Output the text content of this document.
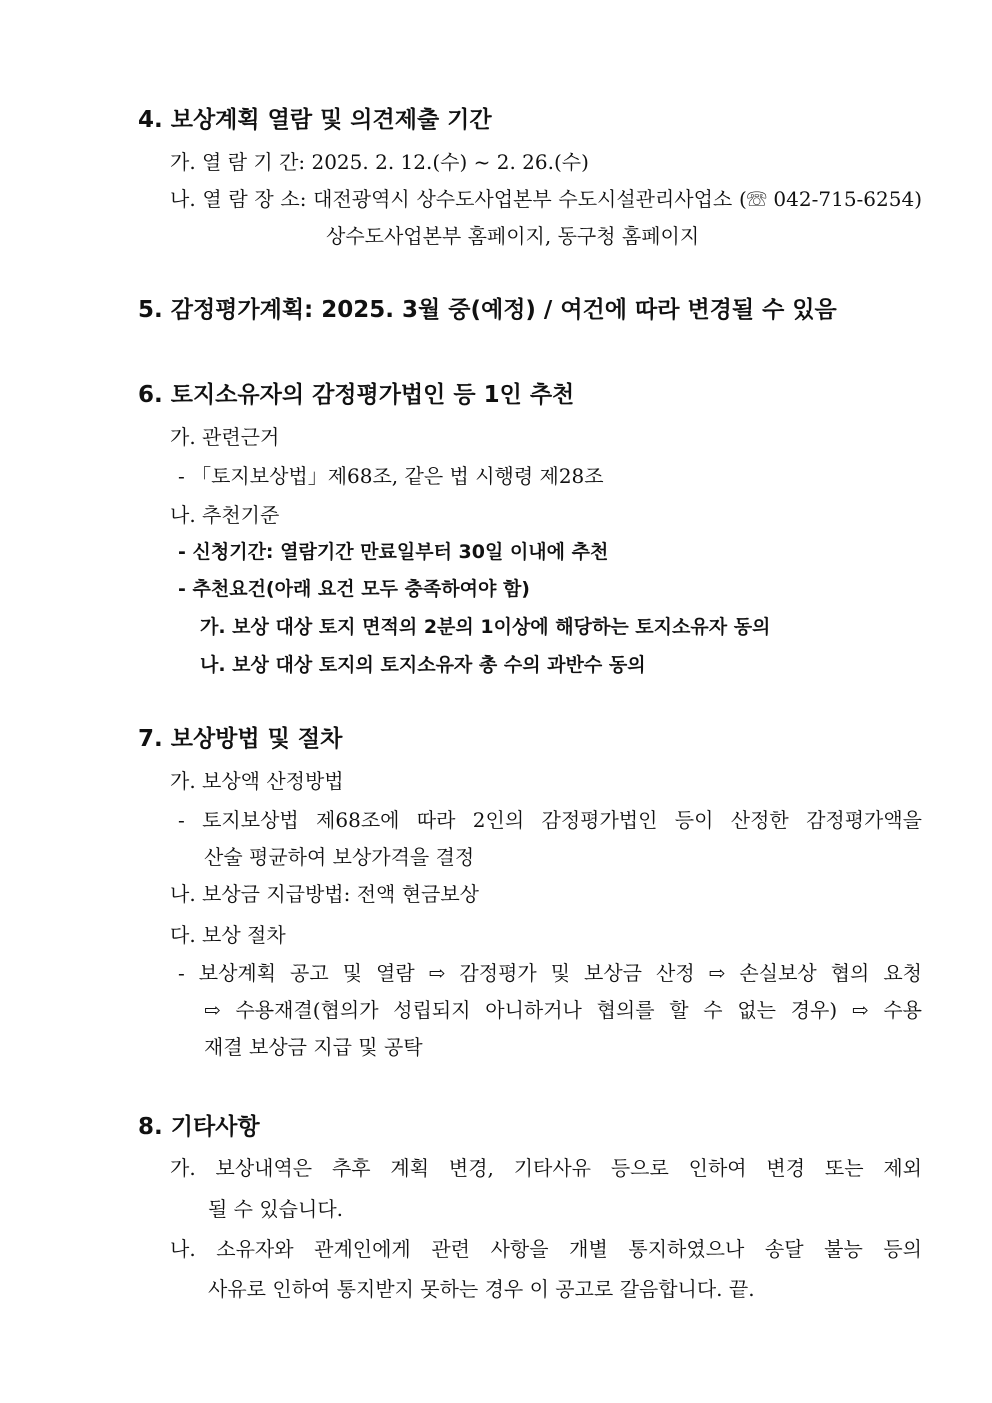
4. 보상계획 열람 및 의견제출 기간
가. 열 람 기 간: 2025. 2. 12.(수) ~ 2. 26.(수)
나. 열 람 장 소: 대전광역시 상수도사업본부 수도시설관리사업소 (☏ 042-715-6254)
상수도사업본부 홈페이지, 동구청 홈페이지
5. 감정평가계획: 2025. 3월 중(예정) / 여건에 따라 변경될 수 있음
6. 토지소유자의 감정평가법인 등 1인 추천
가. 관련근거
- 「토지보상법」제68조, 같은 법 시행령 제28조
나. 추천기준
- 신청기간: 열람기간 만료일부터 30일 이내에 추천
- 추천요건(아래 요건 모두 충족하여야 함)
가. 보상 대상 토지 면적의 2분의 1이상에 해당하는 토지소유자 동의
나. 보상 대상 토지의 토지소유자 총 수의 과반수 동의
7. 보상방법 및 절차
가. 보상액 산정방법
- 토지보상법 제68조에 따라 2인의 감정평가법인 등이 산정한 감정평가액을
산술 평균하여 보상가격을 결정
나. 보상금 지급방법: 전액 현금보상
다. 보상 절차
- 보상계획 공고 및 열람 ⇨ 감정평가 및 보상금 산정 ⇨ 손실보상 협의 요청
⇨ 수용재결(협의가 성립되지 아니하거나 협의를 할 수 없는 경우) ⇨ 수용
재결 보상금 지급 및 공탁
8. 기타사항
가. 보상내역은 추후 계획 변경, 기타사유 등으로 인하여 변경 또는 제외
될 수 있습니다.
나. 소유자와 관계인에게 관련 사항을 개별 통지하였으나 송달 불능 등의
사유로 인하여 통지받지 못하는 경우 이 공고로 갈음합니다. 끝.
